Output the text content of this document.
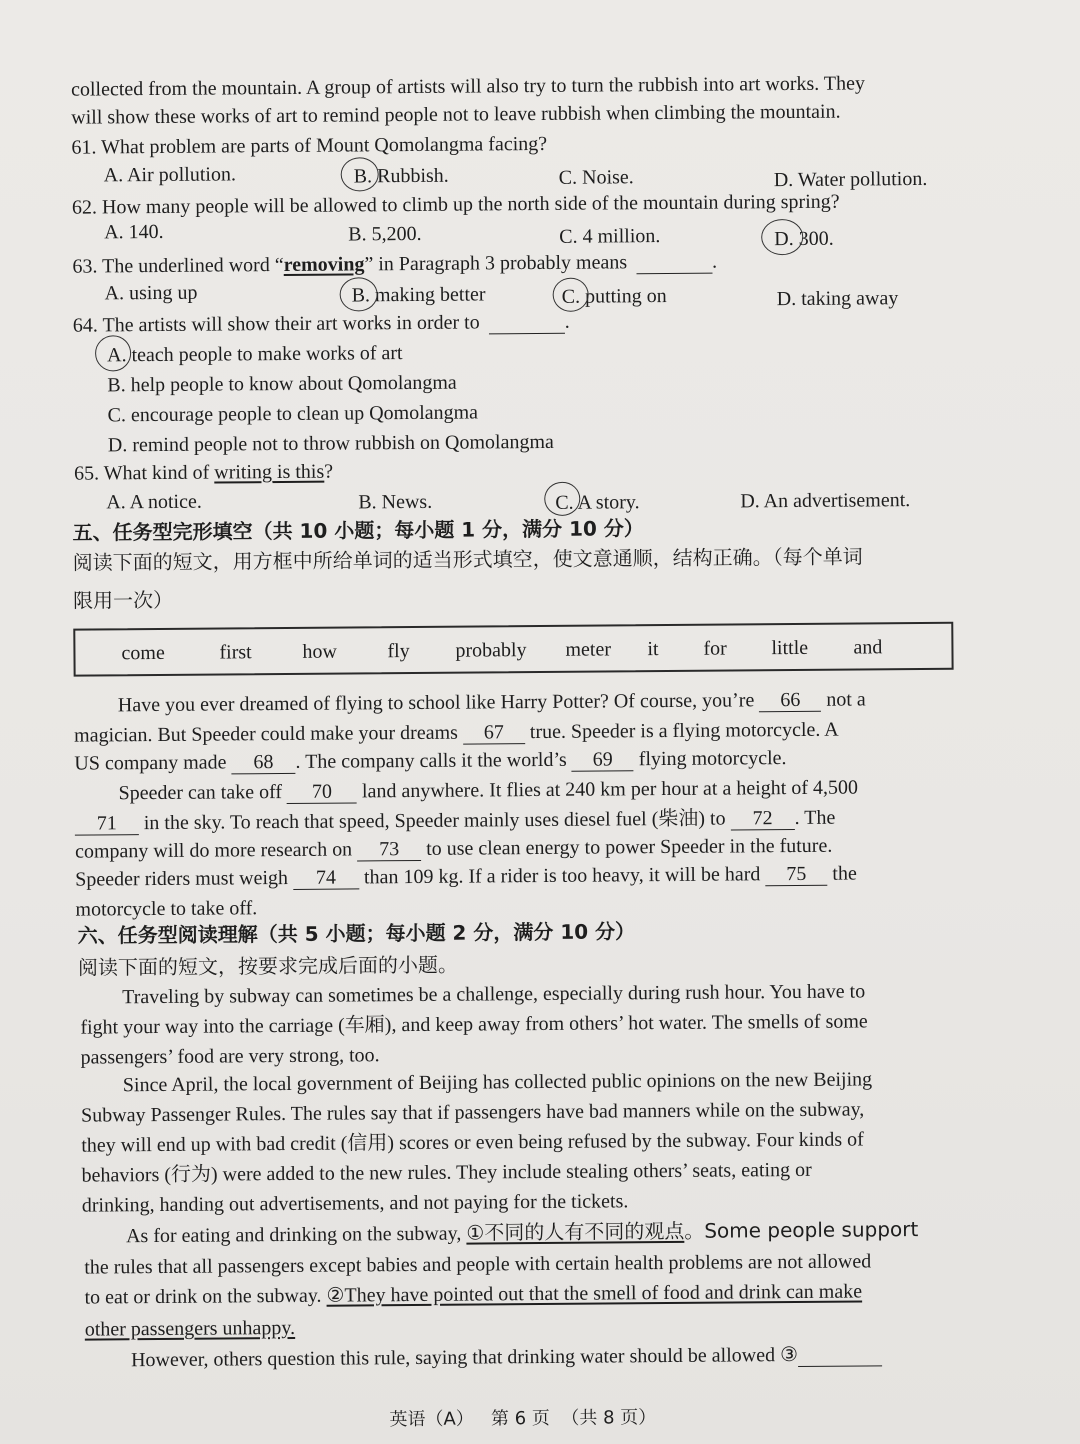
collected from the mountain. A group of artists will also try to turn the rubbish into art works. They
will show these works of art to remind people not to leave rubbish when climbing the mountain.
61. What problem are parts of Mount Qomolangma facing?
A. Air pollution.	B. Rubbish.	C. Noise.	D. Water pollution.
62. How many people will be allowed to climb up the north side of the mountain during spring?
A. 140.	B. 5,200.	C. 4 million.	D. 300.
63. The underlined word “removing” in Paragraph 3 probably means	.
A. using up	B. making better	C. putting on	D. taking away
64. The artists will show their art works in order to	.
A. teach people to make works of art
B. help people to know about Qomolangma
C. encourage people to clean up Qomolangma
D. remind people not to throw rubbish on Qomolangma
65. What kind of writing is this?
A. A notice.	B. News.	C. A story.	D. An advertisement.
五、任务型完形填空（共 10 小题；每小题 1 分，满分 10 分）
阅读下面的短文，用方框中所给单词的适当形式填空，使文意通顺，结构正确。（每个单词
限用一次）
come	first	how	fly probably meter it for little and
Have you ever dreamed of flying to school like Harry Potter? Of course, you’re 66 not a
magician. But Speeder could make your dreams 67 true. Speeder is a flying motorcycle. A
US company made 68 . The company calls it the world’s 69 flying motorcycle.
Speeder can take off 70 land anywhere. It flies at 240 km per hour at a height of 4,500
71 in the sky. To reach that speed, Speeder mainly uses diesel fuel (柴油) to 72 . The
company will do more research on 73 to use clean energy to power Speeder in the future.
Speeder riders must weigh 74 than 109 kg. If a rider is too heavy, it will be hard 75 the
motorcycle to take off.
六、任务型阅读理解（共 5 小题；每小题 2 分，满分 10 分）
阅读下面的短文，按要求完成后面的小题。
Traveling by subway can sometimes be a challenge, especially during rush hour. You have to
fight your way into the carriage (车厢), and keep away from others’ hot water. The smells of some
passengers’ food are very strong, too.
Since April, the local government of Beijing has collected public opinions on the new Beijing
Subway Passenger Rules. The rules say that if passengers have bad manners while on the subway,
they will end up with bad credit (信用) scores or even being refused by the subway. Four kinds of
behaviors (行为) were added to the new rules. They include stealing others’ seats, eating or
drinking, handing out advertisements, and not paying for the tickets.
As for eating and drinking on the subway, ①不同的人有不同的观点。Some people support
the rules that all passengers except babies and people with certain health problems are not allowed
to eat or drink on the subway. ②They have pointed out that the smell of food and drink can make
other passengers unhappy.
However, others question this rule, saying that drinking water should be allowed ③
英语（A）   第 6 页  （共 8 页）
